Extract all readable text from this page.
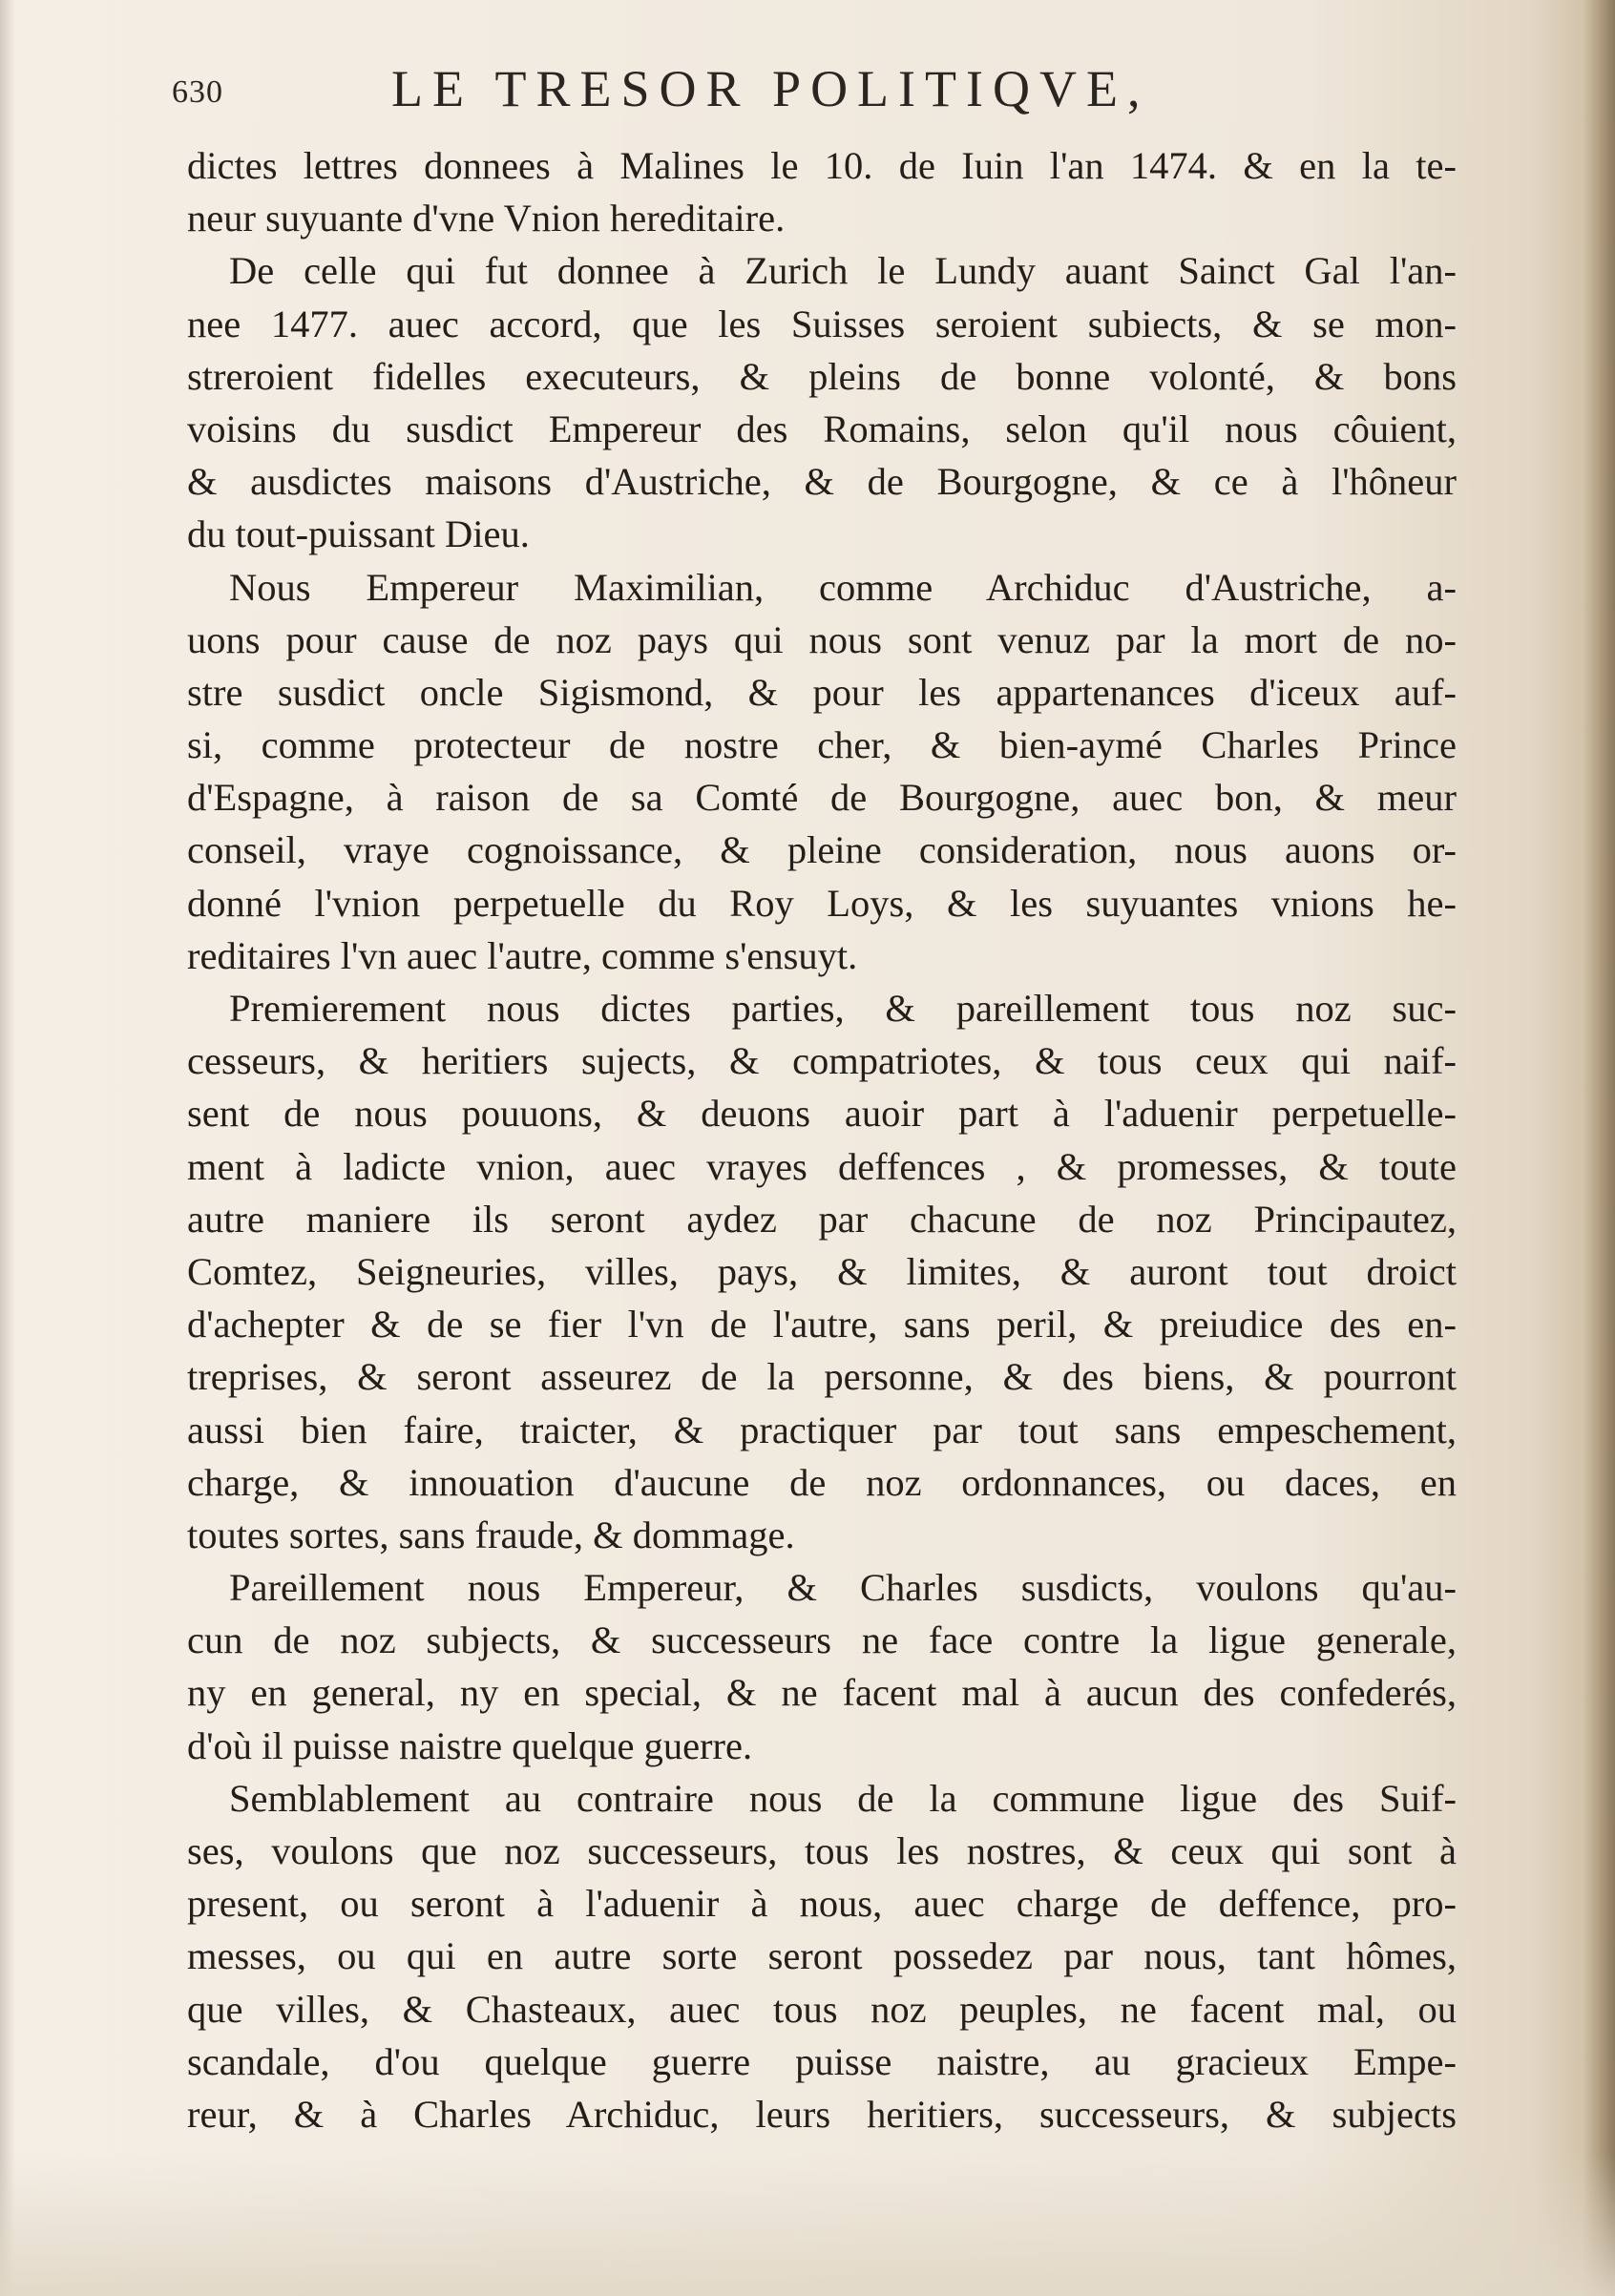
630	LE TRESOR POLITIQVE,
dictes lettres donnees à Malines le 10. de Iuin l'an 1474. & en la te-
neur suyuante d'vne Vnion hereditaire.
De celle qui fut donnee à Zurich le Lundy auant Sainct Gal l'an-
nee 1477. auec accord, que les Suisses seroient subiects, & se mon-
streroient fidelles executeurs, & pleins de bonne volonté, & bons
voisins du susdict Empereur des Romains, selon qu'il nous côuient,
& ausdictes maisons d'Austriche, & de Bourgogne, & ce à l'hôneur
du tout-puissant Dieu.
Nous Empereur Maximilian, comme Archiduc d'Austriche, a-
uons pour cause de noz pays qui nous sont venuz par la mort de no-
stre susdict oncle Sigismond, & pour les appartenances d'iceux auf-
si, comme protecteur de nostre cher, & bien-aymé Charles Prince
d'Espagne, à raison de sa Comté de Bourgogne, auec bon, & meur
conseil, vraye cognoissance, & pleine consideration, nous auons or-
donné l'vnion perpetuelle du Roy Loys, & les suyuantes vnions he-
reditaires l'vn auec l'autre, comme s'ensuyt.
Premierement nous dictes parties, & pareillement tous noz suc-
cesseurs, & heritiers sujects, & compatriotes, & tous ceux qui naif-
sent de nous pouuons, & deuons auoir part à l'aduenir perpetuelle-
ment à ladicte vnion, auec vrayes deffences , & promesses, & toute
autre maniere ils seront aydez par chacune de noz Principautez,
Comtez, Seigneuries, villes, pays, & limites, & auront tout droict
d'achepter & de se fier l'vn de l'autre, sans peril, & preiudice des en-
treprises, & seront asseurez de la personne, & des biens, & pourront
aussi bien faire, traicter, & practiquer par tout sans empeschement,
charge, & innouation d'aucune de noz ordonnances, ou daces, en
toutes sortes, sans fraude, & dommage.
Pareillement nous Empereur, & Charles susdicts, voulons qu'au-
cun de noz subjects, & successeurs ne face contre la ligue generale,
ny en general, ny en special, & ne facent mal à aucun des confederés,
d'où il puisse naistre quelque guerre.
Semblablement au contraire nous de la commune ligue des Suif-
ses, voulons que noz successeurs, tous les nostres, & ceux qui sont à
present, ou seront à l'aduenir à nous, auec charge de deffence, pro-
messes, ou qui en autre sorte seront possedez par nous, tant hômes,
que villes, & Chasteaux, auec tous noz peuples, ne facent mal, ou
scandale, d'ou quelque guerre puisse naistre, au gracieux Empe-
reur, & à Charles Archiduc, leurs heritiers, successeurs, & subjects
